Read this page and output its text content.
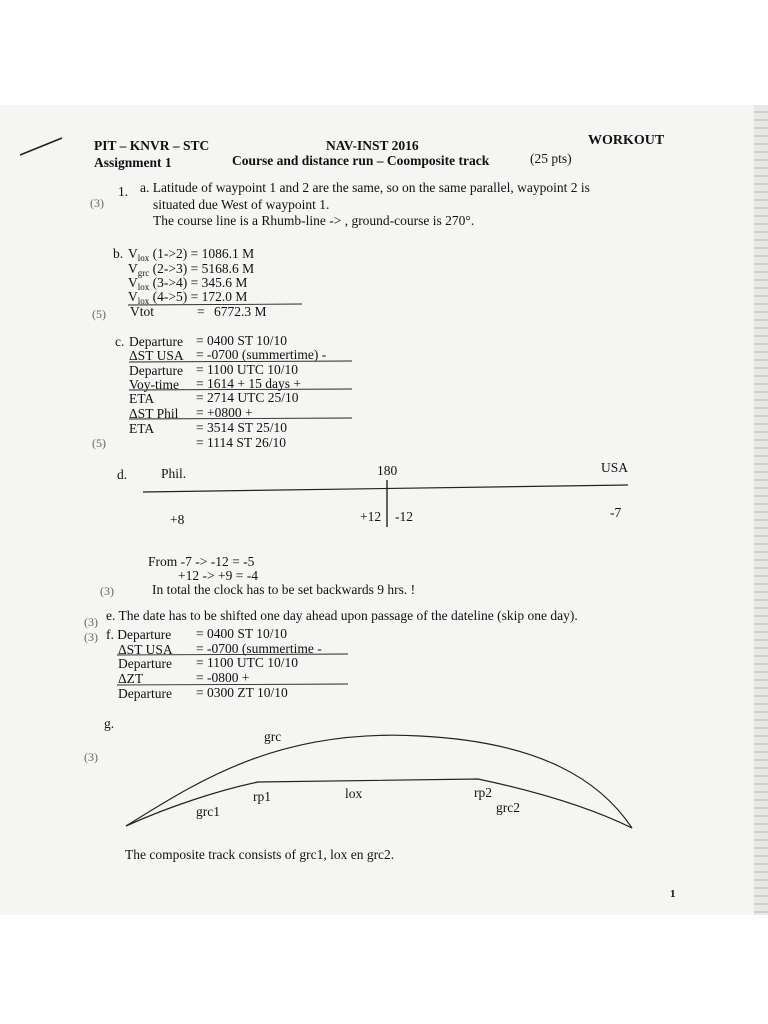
PIT – KNVR – STC
Assignment 1
NAV-INST 2016
Course and distance run – Coomposite track	(25 pts)
WORKOUT
1.
(3)
a. Latitude of waypoint 1 and 2 are the same, so on the same parallel, waypoint 2 is
situated due West of waypoint 1.
The course line is a Rhumb-line -> , ground-course is 270°.
b. $V_{lox}$ (1->2) = 1086.1 M
$V_{grc}$ (2->3) = 5168.6 M
$V_{lox}$ (3->4) = 345.6 M
$V_{lox}$ (4->5) = 172.0 M
(5) Vtot	= 6772.3 M
c. Departure = 0400 ST 10/10
ΔST USA = -0700 (summertime) -
Departure = 1100 UTC 10/10
Voy-time = 1614 + 15 days +
ETA	= 2714 UTC 25/10
ΔST Phil = +0800 +
ETA	= 3514 ST 25/10
= 1114 ST 26/10
(5)
d.	Phil.	180	USA
+8	+12 -12	-7
From -7 -> -12 = -5
+12 -> +9 = -4
(3)	In total the clock has to be set backwards 9 hrs. !
(3) e. The date has to be shifted one day ahead upon passage of the dateline (skip one day).
(3) f. Departure = 0400 ST 10/10
ΔST USA = -0700 (summertime -
Departure = 1100 UTC 10/10
ΔZT	= -0800 +
Departure = 0300 ZT 10/10
g.
(3)
grc
rp1	lox	rp2
grc1	grc2
The composite track consists of grc1, lox en grc2.
1
